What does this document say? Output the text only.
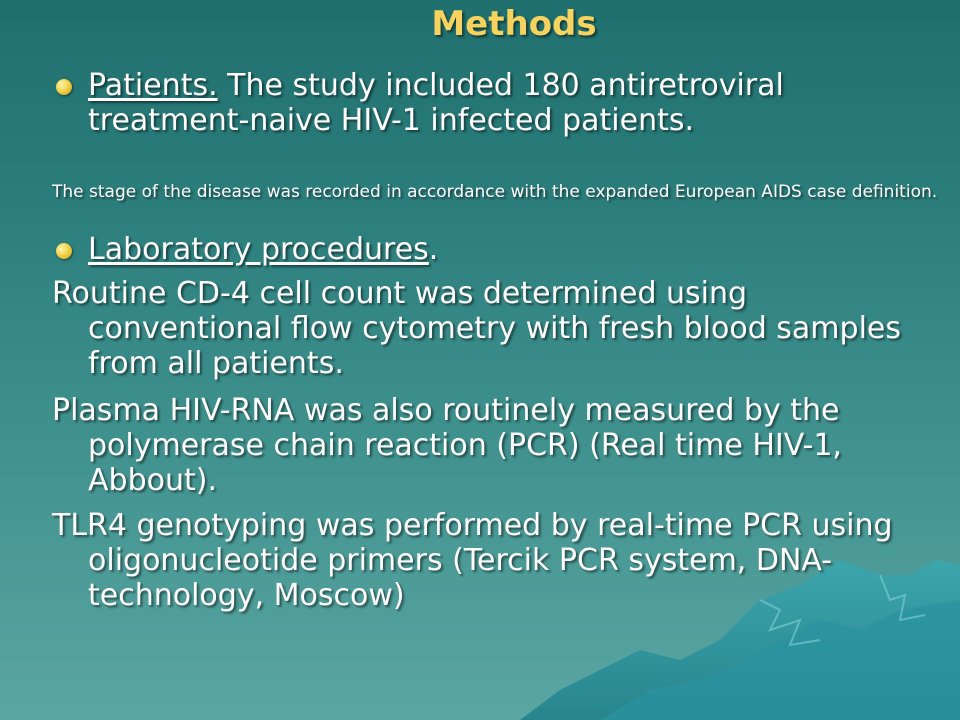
Methods
Patients. The study included 180 antiretroviral treatment-naive HIV-1 infected patients.
The stage of the disease was recorded in accordance with the expanded European AIDS case definition.
Laboratory procedures.
Routine CD-4 cell count was determined using conventional flow cytometry with fresh blood samples from all patients.
Plasma HIV-RNA was also routinely measured by the polymerase chain reaction (PCR) (Real time HIV-1, Abbout).
TLR4 genotyping was performed by real-time PCR using oligonucleotide primers (Tercik PCR system, DNA-technology, Moscow)
